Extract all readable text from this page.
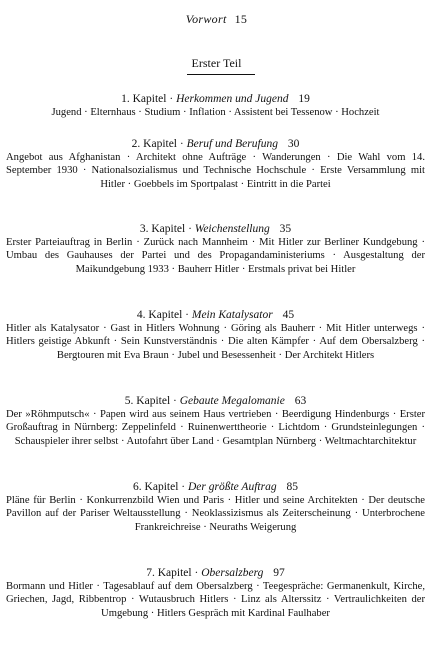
Vorwort 15
Erster Teil
1. Kapitel · Herkommen und Jugend 19
Jugend · Elternhaus · Studium · Inflation · Assistent bei Tessenow · Hochzeit
2. Kapitel · Beruf und Berufung 30
Angebot aus Afghanistan · Architekt ohne Aufträge · Wanderungen · Die Wahl vom 14. September 1930 · Nationalsozialismus und Technische Hochschule · Erste Versammlung mit Hitler · Goebbels im Sportpalast · Eintritt in die Partei
3. Kapitel · Weichenstellung 35
Erster Parteiauftrag in Berlin · Zurück nach Mannheim · Mit Hitler zur Berliner Kundgebung · Umbau des Gauhauses der Partei und des Propagandaministeriums · Ausgestaltung der Maikundgebung 1933 · Bauherr Hitler · Erstmals privat bei Hitler
4. Kapitel · Mein Katalysator 45
Hitler als Katalysator · Gast in Hitlers Wohnung · Göring als Bauherr · Mit Hitler unterwegs · Hitlers geistige Abkunft · Sein Kunstverständnis · Die alten Kämpfer · Auf dem Obersalzberg · Bergtouren mit Eva Braun · Jubel und Besessenheit · Der Architekt Hitlers
5. Kapitel · Gebaute Megalomanie 63
Der »Röhmputsch« · Papen wird aus seinem Haus vertrieben · Beerdigung Hindenburgs · Erster Großauftrag in Nürnberg: Zeppelinfeld · Ruinenwerttheorie · Lichtdom · Grundsteinlegungen · Schauspieler ihrer selbst · Autofahrt über Land · Gesamtplan Nürnberg · Weltmachtarchitektur
6. Kapitel · Der größte Auftrag 85
Pläne für Berlin · Konkurrenzbild Wien und Paris · Hitler und seine Architekten · Der deutsche Pavillon auf der Pariser Weltausstellung · Neoklassizismus als Zeiterscheinung · Unterbrochene Frankreichreise · Neuraths Weigerung
7. Kapitel · Obersalzberg 97
Bormann und Hitler · Tagesablauf auf dem Obersalzberg · Teegespräche: Germanenkult, Kirche, Griechen, Jagd, Ribbentrop · Wutausbruch Hitlers · Linz als Alterssitz · Vertraulichkeiten der Umgebung · Hitlers Gespräch mit Kardinal Faulhaber
